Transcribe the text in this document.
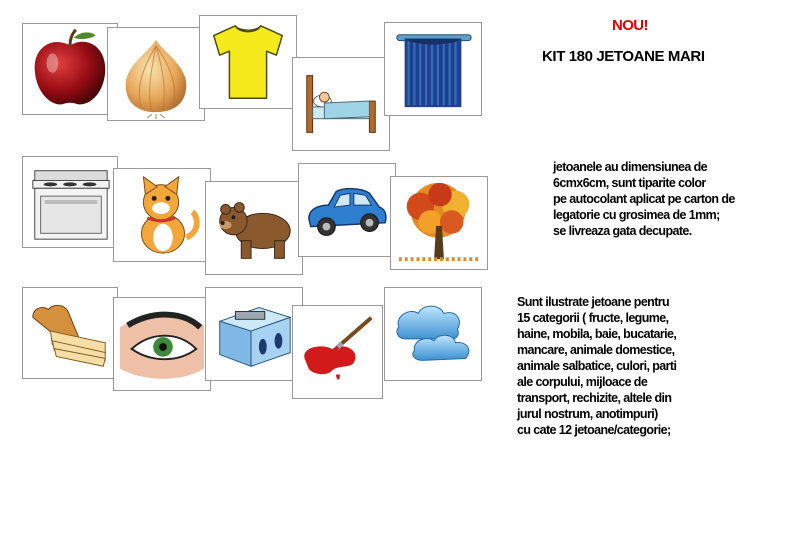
NOU!
KIT 180 JETOANE MARI
jetoanele au dimensiunea de
6cmx6cm, sunt tiparite color
pe autocolant aplicat pe carton de
legatorie cu grosimea de 1mm;
se livreaza gata decupate.
Sunt ilustrate jetoane pentru
15 categorii ( fructe, legume,
haine, mobila, baie, bucatarie,
mancare, animale domestice,
animale salbatice, culori, parti
ale corpului, mijloace de
transport, rechizite, altele din
jurul nostrum, anotimpuri)
cu cate 12 jetoane/categorie;
